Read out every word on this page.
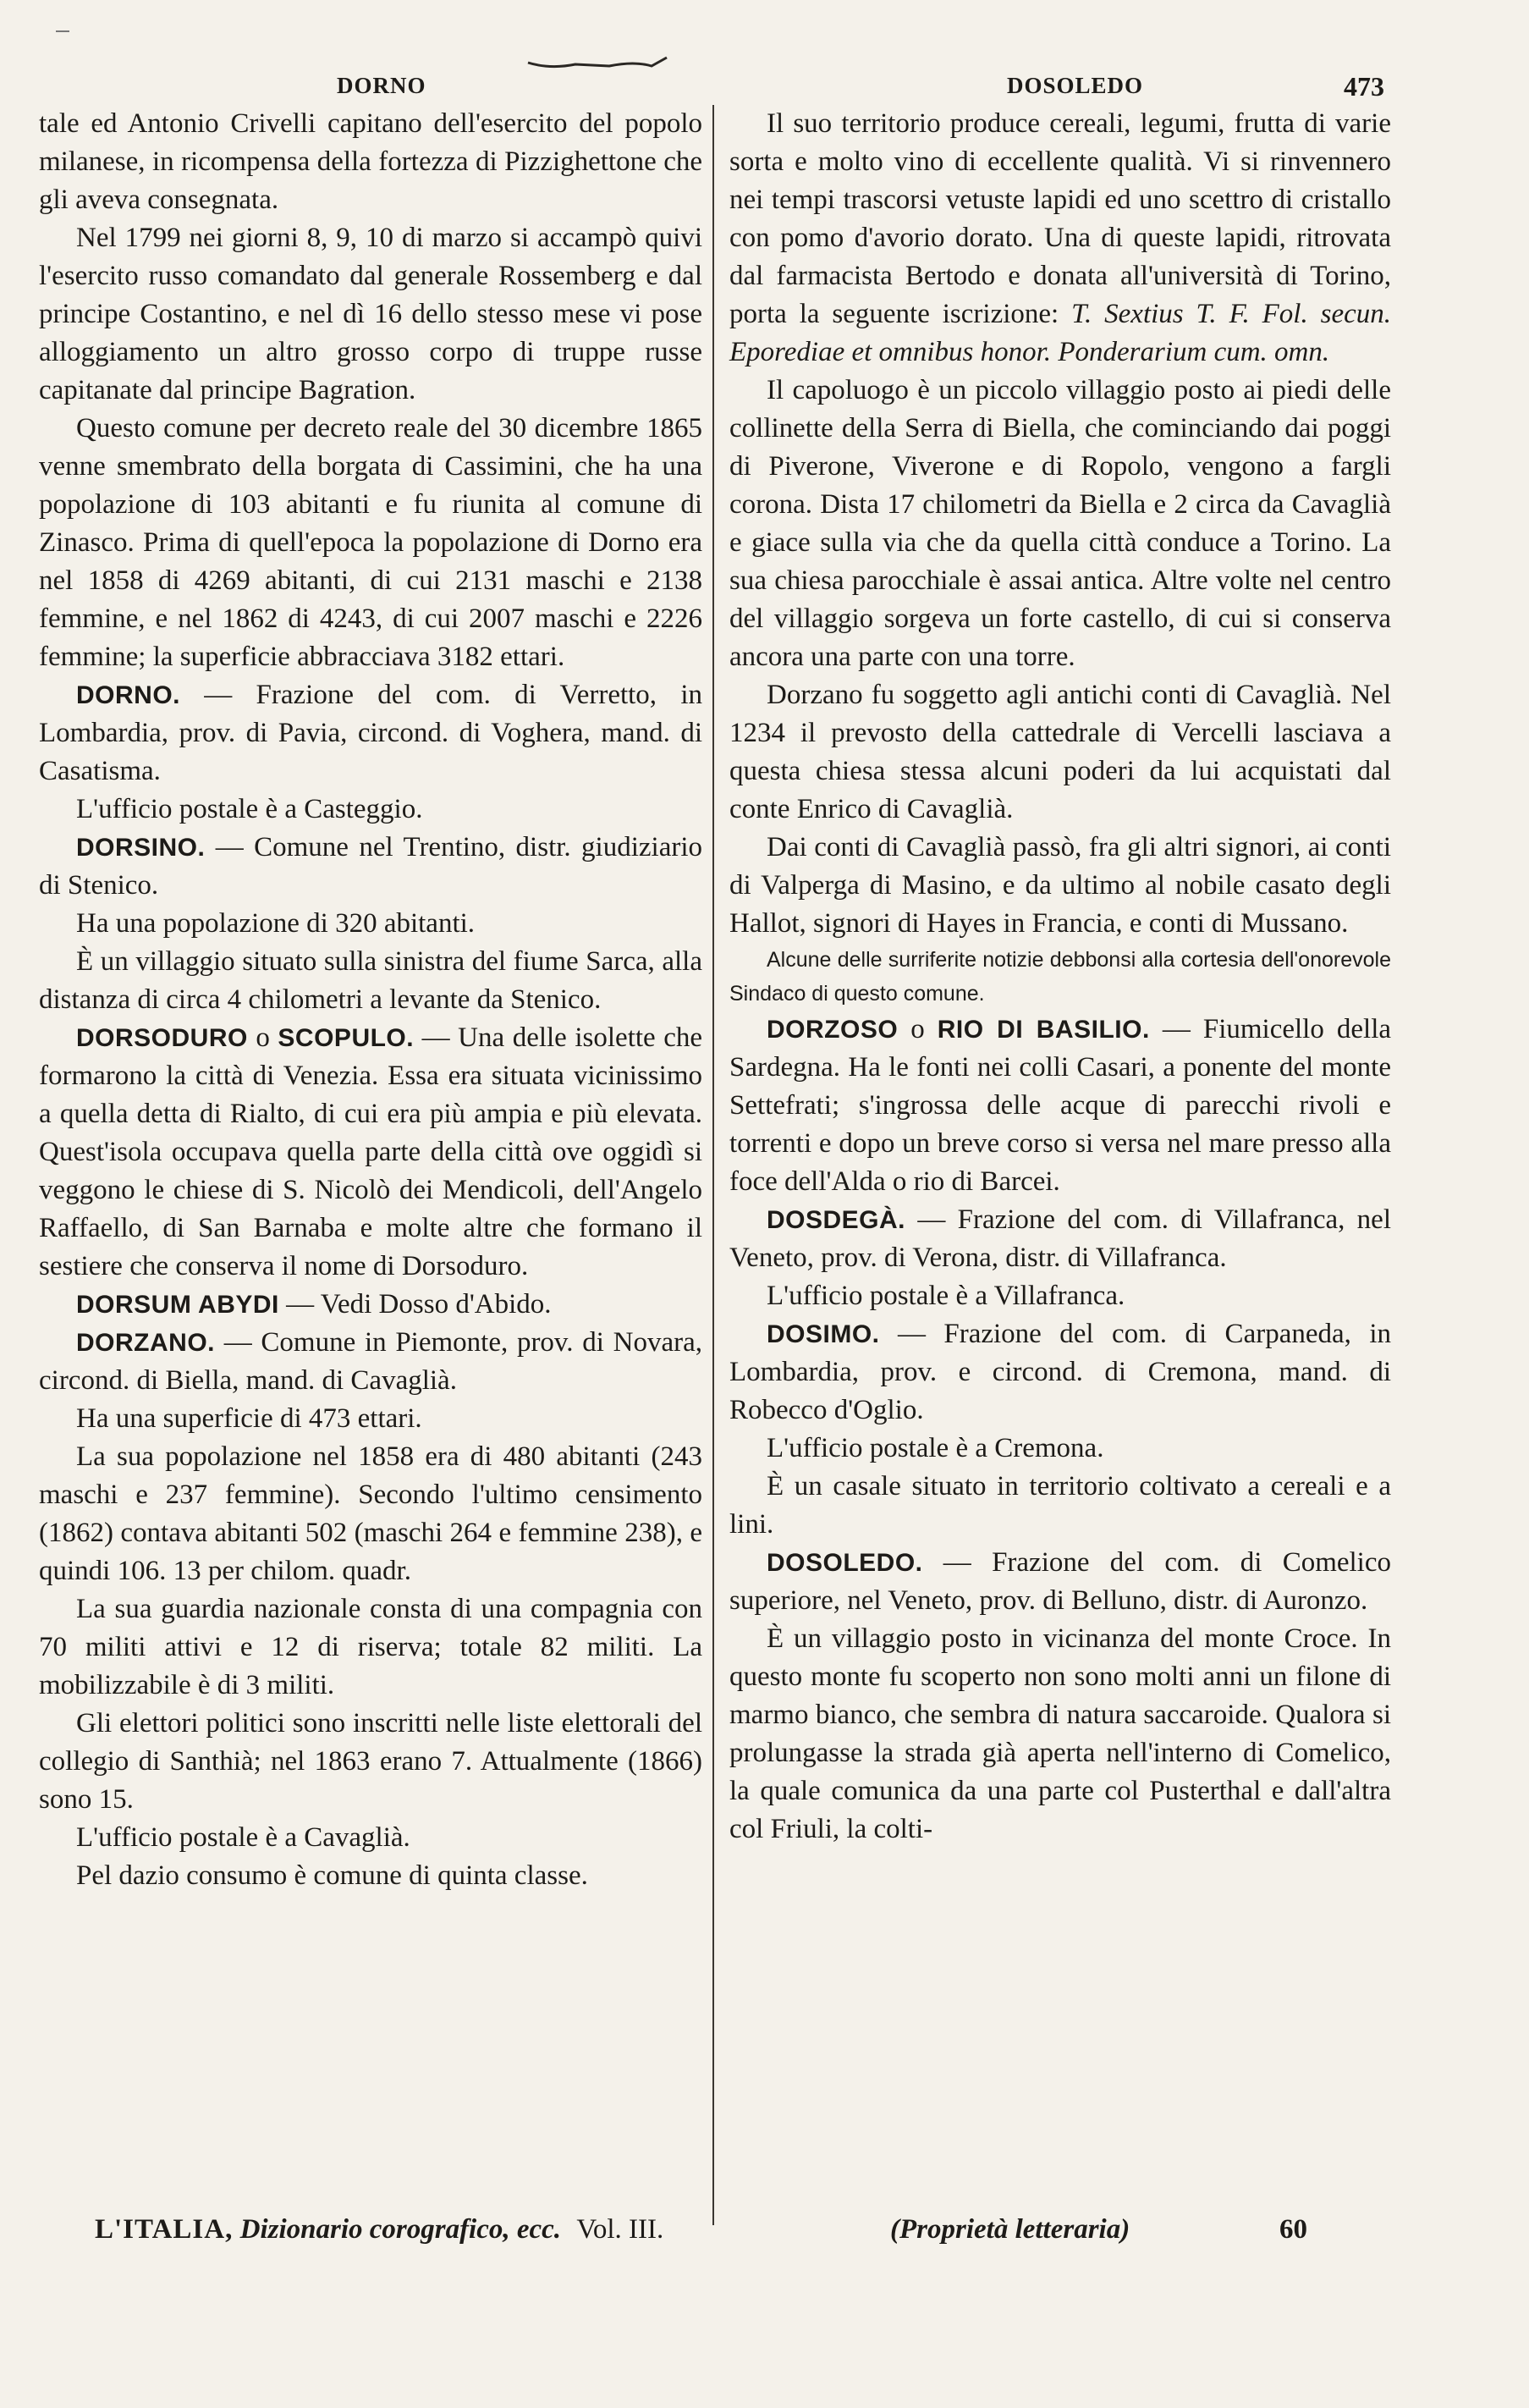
DORNO	DOSOLEDO	473

tale ed Antonio Crivelli capitano dell'esercito del popolo milanese, in ricompensa della fortezza di Pizzighettone che gli aveva consegnata.

Nel 1799 nei giorni 8, 9, 10 di marzo si accampò quivi l'esercito russo comandato dal generale Rossemberg e dal principe Costantino, e nel dì 16 dello stesso mese vi pose alloggiamento un altro grosso corpo di truppe russe capitanate dal principe Bagration.

Questo comune per decreto reale del 30 dicembre 1865 venne smembrato della borgata di Cassimini, che ha una popolazione di 103 abitanti e fu riunita al comune di Zinasco. Prima di quell'epoca la popolazione di Dorno era nel 1858 di 4269 abitanti, di cui 2131 maschi e 2138 femmine, e nel 1862 di 4243, di cui 2007 maschi e 2226 femmine; la superficie abbracciava 3182 ettari.

DORNO. — Frazione del com. di Verretto, in Lombardia, prov. di Pavia, circond. di Voghera, mand. di Casatisma.

L'ufficio postale è a Casteggio.

DORSINO. — Comune nel Trentino, distr. giudiziario di Stenico.

Ha una popolazione di 320 abitanti.

È un villaggio situato sulla sinistra del fiume Sarca, alla distanza di circa 4 chilometri a levante da Stenico.

DORSODURO o SCOPULO. — Una delle isolette che formarono la città di Venezia. Essa era situata vicinissimo a quella detta di Rialto, di cui era più ampia e più elevata. Quest'isola occupava quella parte della città ove oggidì si veggono le chiese di S. Nicolò dei Mendicoli, dell'Angelo Raffaello, di San Barnaba e molte altre che formano il sestiere che conserva il nome di Dorsoduro.

DORSUM ABYDI — Vedi Dosso d'Abido.

DORZANO. — Comune in Piemonte, prov. di Novara, circond. di Biella, mand. di Cavaglià.

Ha una superficie di 473 ettari.

La sua popolazione nel 1858 era di 480 abitanti (243 maschi e 237 femmine). Secondo l'ultimo censimento (1862) contava abitanti 502 (maschi 264 e femmine 238), e quindi 106. 13 per chilom. quadr.

La sua guardia nazionale consta di una compagnia con 70 militi attivi e 12 di riserva; totale 82 militi. La mobilizzabile è di 3 militi.

Gli elettori politici sono inscritti nelle liste elettorali del collegio di Santhià; nel 1863 erano 7. Attualmente (1866) sono 15.

L'ufficio postale è a Cavaglià.

Pel dazio consumo è comune di quinta classe.

Il suo territorio produce cereali, legumi, frutta di varie sorta e molto vino di eccellente qualità. Vi si rinvennero nei tempi trascorsi vetuste lapidi ed uno scettro di cristallo con pomo d'avorio dorato. Una di queste lapidi, ritrovata dal farmacista Bertodo e donata all'università di Torino, porta la seguente iscrizione: T. Sextius T. F. Fol. secun. Eporediae et omnibus honor. Ponderarium cum. omn.

Il capoluogo è un piccolo villaggio posto ai piedi delle collinette della Serra di Biella, che cominciando dai poggi di Piverone, Viverone e di Ropolo, vengono a fargli corona. Dista 17 chilometri da Biella e 2 circa da Cavaglià e giace sulla via che da quella città conduce a Torino. La sua chiesa parocchiale è assai antica. Altre volte nel centro del villaggio sorgeva un forte castello, di cui si conserva ancora una parte con una torre.

Dorzano fu soggetto agli antichi conti di Cavaglià. Nel 1234 il prevosto della cattedrale di Vercelli lasciava a questa chiesa stessa alcuni poderi da lui acquistati dal conte Enrico di Cavaglià.

Dai conti di Cavaglià passò, fra gli altri signori, ai conti di Valperga di Masino, e da ultimo al nobile casato degli Hallot, signori di Hayes in Francia, e conti di Mussano.

Alcune delle surriferite notizie debbonsi alla cortesia dell'onorevole Sindaco di questo comune.

DORZOSO o RIO DI BASILIO. — Fiumicello della Sardegna. Ha le fonti nei colli Casari, a ponente del monte Settefrati; s'ingrossa delle acque di parecchi rivoli e torrenti e dopo un breve corso si versa nel mare presso alla foce dell'Alda o rio di Barcei.

DOSDEGÀ. — Frazione del com. di Villafranca, nel Veneto, prov. di Verona, distr. di Villafranca.

L'ufficio postale è a Villafranca.

DOSIMO. — Frazione del com. di Carpaneda, in Lombardia, prov. e circond. di Cremona, mand. di Robecco d'Oglio.

L'ufficio postale è a Cremona.

È un casale situato in territorio coltivato a cereali e a lini.

DOSOLEDO. — Frazione del com. di Comelico superiore, nel Veneto, prov. di Belluno, distr. di Auronzo.

È un villaggio posto in vicinanza del monte Croce. In questo monte fu scoperto non sono molti anni un filone di marmo bianco, che sembra di natura saccaroide. Qualora si prolungasse la strada già aperta nell'interno di Comelico, la quale comunica da una parte col Pusterthal e dall'altra col Friuli, la colti-

L'ITALIA, Dizionario corografico, ecc. Vol. III.	(Proprietà letteraria)	60
